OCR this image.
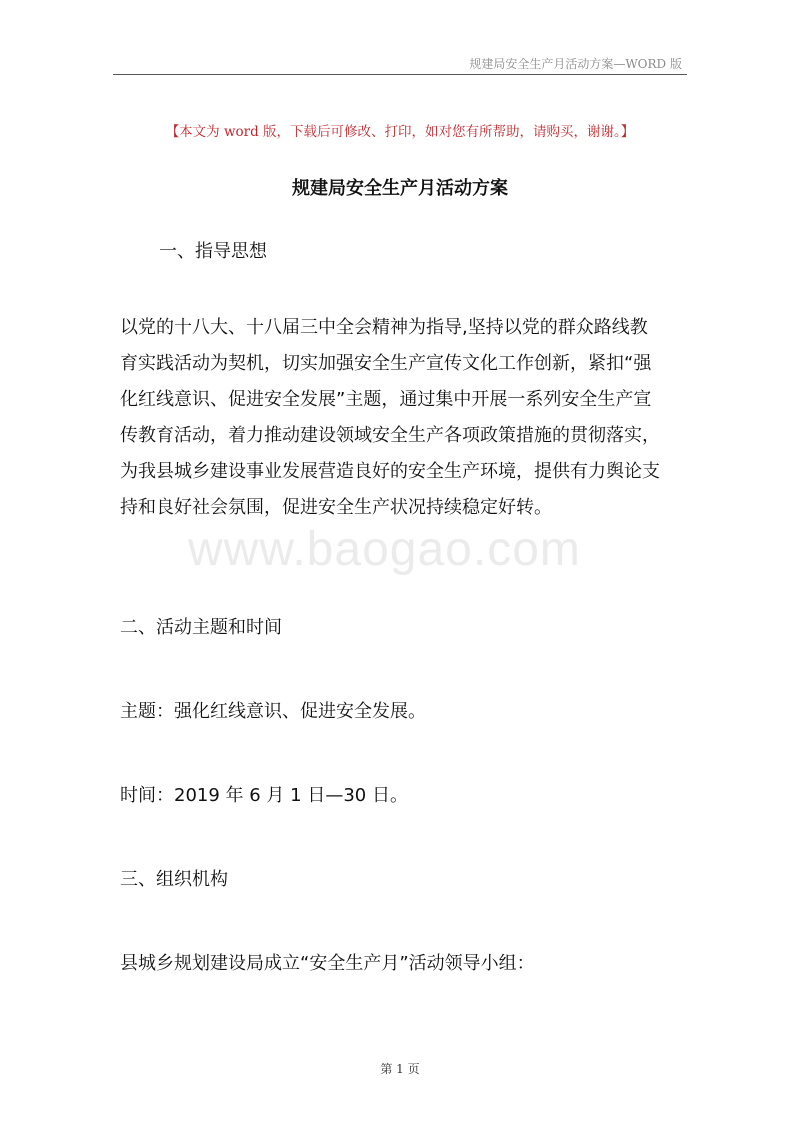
规建局安全生产月活动方案—WORD 版
【本文为 word 版，下载后可修改、打印，如对您有所帮助，请购买，谢谢。】
规建局安全生产月活动方案
一、指导思想
以党的十八大、十八届三中全会精神为指导,坚持以党的群众路线教
育实践活动为契机，切实加强安全生产宣传文化工作创新，紧扣“强
化红线意识、促进安全发展”主题，通过集中开展一系列安全生产宣
传教育活动，着力推动建设领域安全生产各项政策措施的贯彻落实，
为我县城乡建设事业发展营造良好的安全生产环境，提供有力舆论支
持和良好社会氛围，促进安全生产状况持续稳定好转。
www.baogao.com
二、活动主题和时间
主题：强化红线意识、促进安全发展。
时间：2019 年 6 月 1 日—30 日。
三、组织机构
县城乡规划建设局成立“安全生产月”活动领导小组：
第 1 页
